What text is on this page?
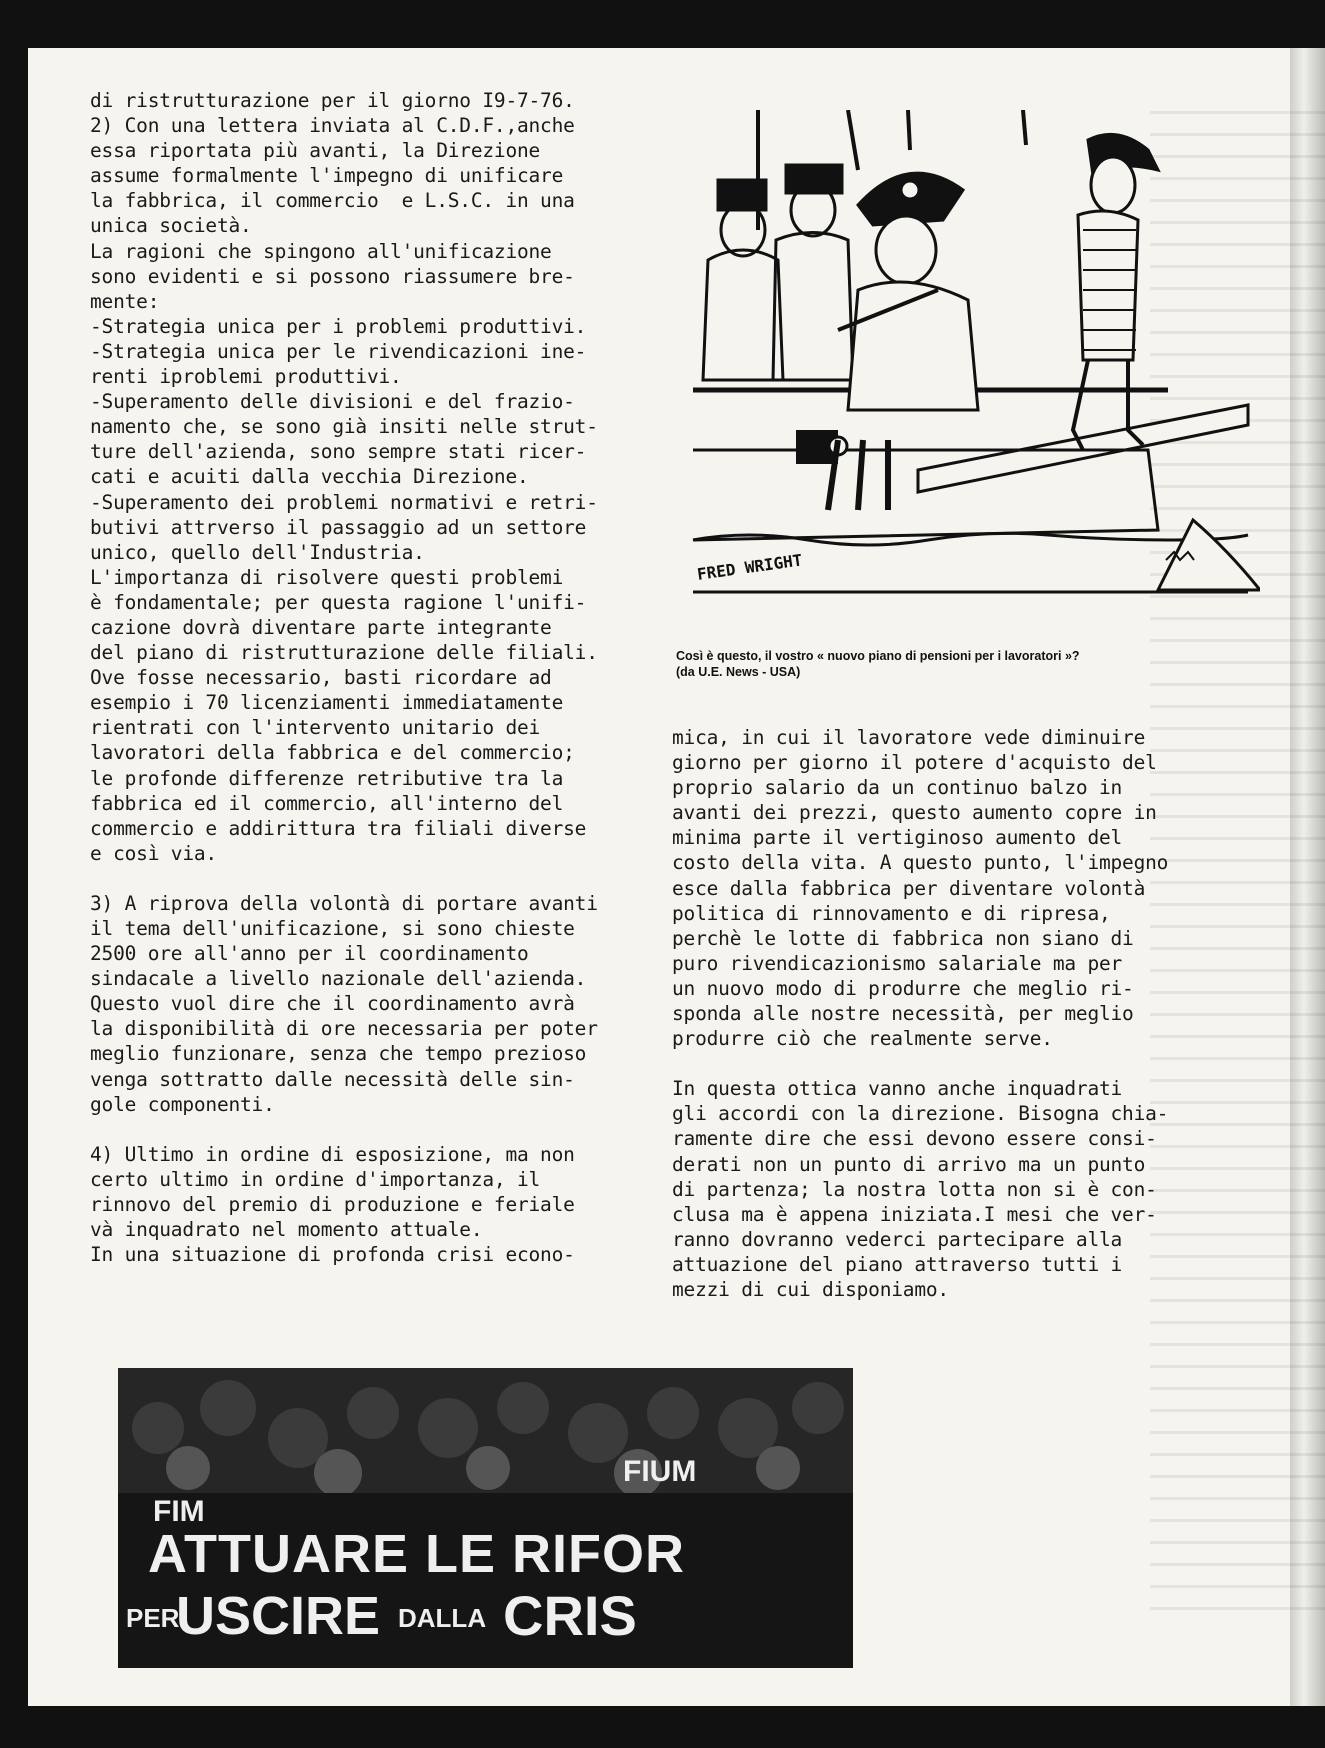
di ristrutturazione per il giorno I9-7-76.

2) Con una lettera inviata al C.D.F.,anche

essa riportata più avanti, la Direzione

assume formalmente l'impegno di unificare

la fabbrica, il commercio  e L.S.C. in una

unica società.

La ragioni che spingono all'unificazione

sono evidenti e si possono riassumere bre-

mente:

-Strategia unica per i problemi produttivi.

-Strategia unica per le rivendicazioni ine-

renti iproblemi produttivi.

-Superamento delle divisioni e del frazio-

namento che, se sono già insiti nelle strut-

ture dell'azienda, sono sempre stati ricer-

cati e acuiti dalla vecchia Direzione.

-Superamento dei problemi normativi e retri-

butivi attrverso il passaggio ad un settore

unico, quello dell'Industria.

L'importanza di risolvere questi problemi

è fondamentale; per questa ragione l'unifi-

cazione dovrà diventare parte integrante

del piano di ristrutturazione delle filiali.

Ove fosse necessario, basti ricordare ad

esempio i 70 licenziamenti immediatamente

rientrati con l'intervento unitario dei

lavoratori della fabbrica e del commercio;

le profonde differenze retributive tra la

fabbrica ed il commercio, all'interno del

commercio e addirittura tra filiali diverse

e così via.

3) A riprova della volontà di portare avanti

il tema dell'unificazione, si sono chieste

2500 ore all'anno per il coordinamento

sindacale a livello nazionale dell'azienda.

Questo vuol dire che il coordinamento avrà

la disponibilità di ore necessaria per poter

meglio funzionare, senza che tempo prezioso

venga sottratto dalle necessità delle sin-

gole componenti.

4) Ultimo in ordine di esposizione, ma non

certo ultimo in ordine d'importanza, il

rinnovo del premio di produzione e feriale

và inquadrato nel momento attuale.

In una situazione di profonda crisi econo-

mica, in cui il lavoratore vede diminuire

giorno per giorno il potere d'acquisto del

proprio salario da un continuo balzo in

avanti dei prezzi, questo aumento copre in

minima parte il vertiginoso aumento del

costo della vita. A questo punto, l'impegno

esce dalla fabbrica per diventare volontà

politica di rinnovamento e di ripresa,

perchè le lotte di fabbrica non siano di

puro rivendicazionismo salariale ma per

un nuovo modo di produrre che meglio ri-

sponda alle nostre necessità, per meglio

produrre ciò che realmente serve.

In questa ottica vanno anche inquadrati

gli accordi con la direzione. Bisogna chia-

ramente dire che essi devono essere consi-

derati non un punto di arrivo ma un punto

di partenza; la nostra lotta non si è con-

clusa ma è appena iniziata.I mesi che ver-

ranno dovranno vederci partecipare alla

attuazione del piano attraverso tutti i

mezzi di cui disponiamo.

FRED WRIGHT
Così è questo, il vostro « nuovo piano di pensioni per i lavoratori »?
(da U.E. News - USA)
FIUM
FIM
ATTUARE LE RIFOR
PER
USCIRE DALLA CRIS
